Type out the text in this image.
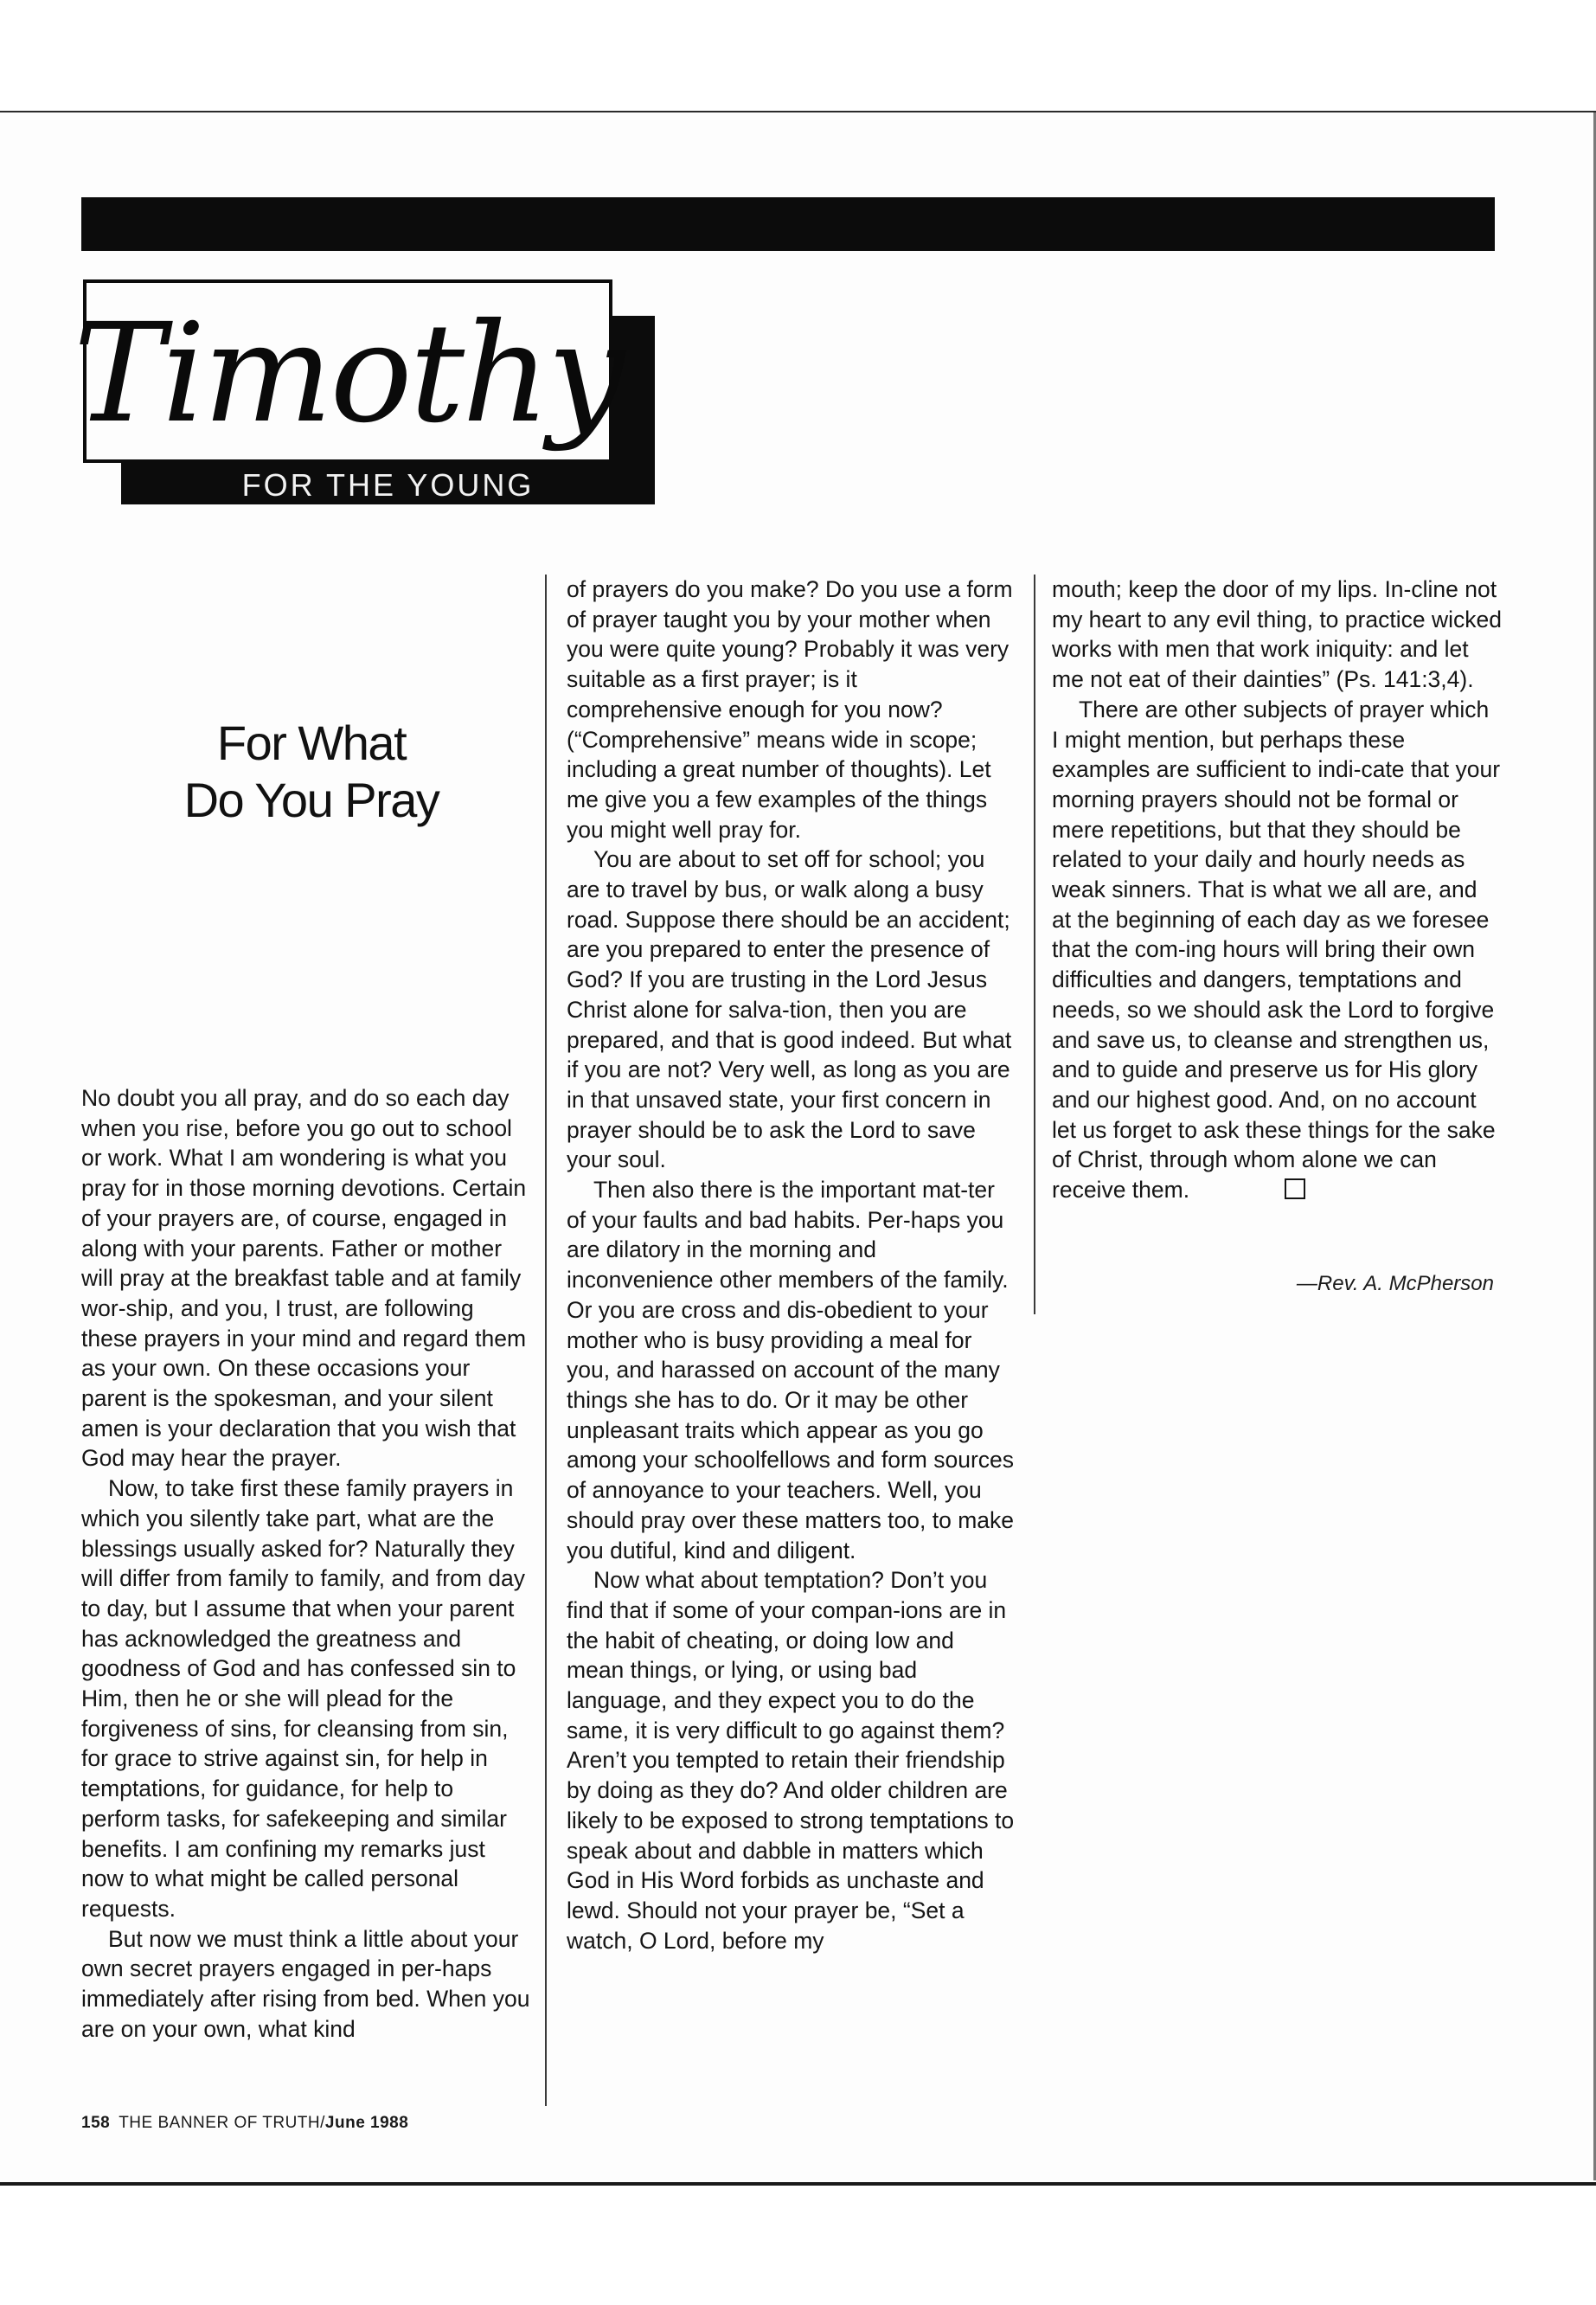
Timothy
FOR THE YOUNG
For What
Do You Pray

No doubt you all pray, and do so each day when you rise, before you go out to school or work. What I am wondering is what you pray for in those morning devotions. Certain of your prayers are, of course, engaged in along with your parents. Father or mother will pray at the breakfast table and at family wor-ship, and you, I trust, are following these prayers in your mind and regard them as your own. On these occasions your parent is the spokesman, and your silent amen is your declaration that you wish that God may hear the prayer.

Now, to take first these family prayers in which you silently take part, what are the blessings usually asked for? Naturally they will differ from family to family, and from day to day, but I assume that when your parent has acknowledged the greatness and goodness of God and has confessed sin to Him, then he or she will plead for the forgiveness of sins, for cleansing from sin, for grace to strive against sin, for help in temptations, for guidance, for help to perform tasks, for safekeeping and similar benefits. I am confining my remarks just now to what might be called personal requests.

But now we must think a little about your own secret prayers engaged in per-haps immediately after rising from bed. When you are on your own, what kind

of prayers do you make? Do you use a form of prayer taught you by your mother when you were quite young? Probably it was very suitable as a first prayer; is it comprehensive enough for you now? (“Comprehensive” means wide in scope; including a great number of thoughts). Let me give you a few examples of the things you might well pray for.

You are about to set off for school; you are to travel by bus, or walk along a busy road. Suppose there should be an accident; are you prepared to enter the presence of God? If you are trusting in the Lord Jesus Christ alone for salva-tion, then you are prepared, and that is good indeed. But what if you are not? Very well, as long as you are in that unsaved state, your first concern in prayer should be to ask the Lord to save your soul.

Then also there is the important mat-ter of your faults and bad habits. Per-haps you are dilatory in the morning and inconvenience other members of the family. Or you are cross and dis-obedient to your mother who is busy providing a meal for you, and harassed on account of the many things she has to do. Or it may be other unpleasant traits which appear as you go among your schoolfellows and form sources of annoyance to your teachers. Well, you should pray over these matters too, to make you dutiful, kind and diligent.

Now what about temptation? Don’t you find that if some of your compan-ions are in the habit of cheating, or doing low and mean things, or lying, or using bad language, and they expect you to do the same, it is very difficult to go against them? Aren’t you tempted to retain their friendship by doing as they do? And older children are likely to be exposed to strong temptations to speak about and dabble in matters which God in His Word forbids as unchaste and lewd. Should not your prayer be, “Set a watch, O Lord, before my

mouth; keep the door of my lips. In-cline not my heart to any evil thing, to practice wicked works with men that work iniquity: and let me not eat of their dainties” (Ps. 141:3,4).

There are other subjects of prayer which I might mention, but perhaps these examples are sufficient to indi-cate that your morning prayers should not be formal or mere repetitions, but that they should be related to your daily and hourly needs as weak sinners. That is what we all are, and at the beginning of each day as we foresee that the com-ing hours will bring their own difficulties and dangers, temptations and needs, so we should ask the Lord to forgive and save us, to cleanse and strengthen us, and to guide and preserve us for His glory and our highest good. And, on no account let us forget to ask these things for the sake of Christ, through whom alone we can receive them.

—Rev. A. McPherson
158 THE BANNER OF TRUTH/June 1988
